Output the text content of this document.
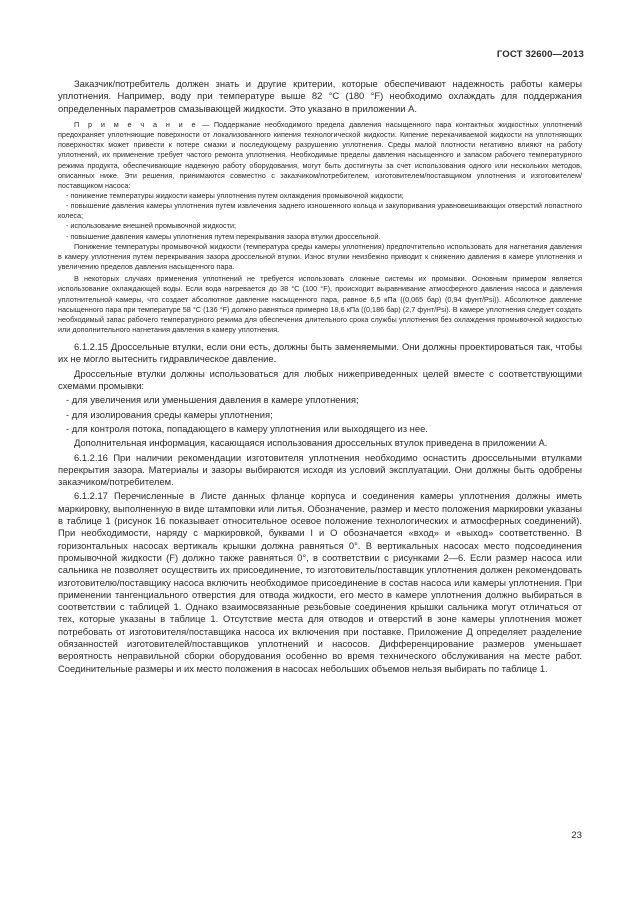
ГОСТ 32600—2013

Заказчик/потребитель должен знать и другие критерии, которые обеспечивают надежность работы камеры уплотнения. Например, воду при температуре выше 82 °С (180 °F) необходимо охлаждать для поддержания определенных параметров смазывающей жидкости. Это указано в приложении А.

П р и м е ч а н и е — Поддержание необходимого предела давления насыщенного пара контактных жидкостных уплотнений предохраняет уплотняющие поверхности от локализованного кипения технологической жидкости. Кипение перекачиваемой жидкости на уплотняющих поверхностях может привести к потере смазки и последующему разрушению уплотнения. Среды малой плотности негативно влияют на работу уплотнений, их применение требует частого ремонта уплотнения. Необходимые пределы давления насыщенного и запасом рабочего температурного режима продукта, обеспечивающие надежную работу оборудования, могут быть достигнуты за счет использования одного или нескольких методов, описанных ниже. Эти решения, принимаются совместно с заказчиком/потребителем, изготовителем/поставщиком уплотнения и изготовителем/поставщиком насоса:

- понижение температуры жидкости камеры уплотнения путем охлаждения промывочной жидкости;

- повышение давления камеры уплотнения путем извлечения заднего изношенного кольца и закупоривания уравновешивающих отверстий лопастного колеса;

- использование внешней промывочной жидкости;

- повышение давления камеры уплотнения путем перекрывания зазора втулки дроссельной.

Понижение температуры промывочной жидкости (температура среды камеры уплотнения) предпочтительно использовать для нагнетания давления в камеру уплотнения путем перекрывания зазора дроссельной втулки. Износ втулки неизбежно приводит к снижению давления в камере уплотнения и увеличению пределов давления насыщенного пара.

В некоторых случаях применения уплотнений не требуется использовать сложные системы их промывки. Основным примером является использование охлаждающей воды. Если вода нагревается до 38 °С (100 °F), происходит выравнивание атмосферного давления насоса и давления уплотнительной камеры, что создает абсолютное давление насыщенного пара, равное 6,5 кПа ((0,065 бар) (0,94 фунт/Psi)). Абсолютное давление насыщенного пара при температуре 58 °С (136 °F) должно равняться примерно 18,6 кПа ((0,186 бар) (2,7 фунт/Psi). В камере уплотнения следует создать необходимый запас рабочего температурного режима для обеспечения длительного срока службы уплотнения без охлаждения промывочной жидкостью или дополнительного нагнетания давления в камеру уплотнения.

6.1.2.15 Дроссельные втулки, если они есть, должны быть заменяемыми. Они должны проектироваться так, чтобы их не могло вытеснить гидравлическое давление.

Дроссельные втулки должны использоваться для любых нижеприведенных целей вместе с соответствующими схемами промывки:

- для увеличения или уменьшения давления в камере уплотнения;

- для изолирования среды камеры уплотнения;

- для контроля потока, попадающего в камеру уплотнения или выходящего из нее.

Дополнительная информация, касающаяся использования дроссельных втулок приведена в приложении А.

6.1.2.16 При наличии рекомендации изготовителя уплотнения необходимо оснастить дроссельными втулками перекрытия зазора. Материалы и зазоры выбираются исходя из условий эксплуатации. Они должны быть одобрены заказчиком/потребителем.

6.1.2.17 Перечисленные в Листе данных фланце корпуса и соединения камеры уплотнения должны иметь маркировку, выполненную в виде штамповки или литья. Обозначение, размер и место положения маркировки указаны в таблице 1 (рисунок 16 показывает относительное осевое положение технологических и атмосферных соединений). При необходимости, наряду с маркировкой, буквами I и O обозначается «вход» и «выход» соответственно. В горизонтальных насосах вертикаль крышки должна равняться 0°. В вертикальных насосах место подсоединения промывочной жидкости (F) должно также равняться 0°, в соответствии с рисунками 2—6. Если размер насоса или сальника не позволяет осуществить их присоединение, то изготовитель/поставщик уплотнения должен рекомендовать изготовителю/поставщику насоса включить необходимое присоединение в состав насоса или камеры уплотнения. При применении тангенциального отверстия для отвода жидкости, его место в камере уплотнения должно выбираться в соответствии с таблицей 1. Однако взаимосвязанные резьбовые соединения крышки сальника могут отличаться от тех, которые указаны в таблице 1. Отсутствие места для отводов и отверстий в зоне камеры уплотнения может потребовать от изготовителя/поставщика насоса их включения при поставке. Приложение Д определяет разделение обязанностей изготовителей/поставщиков уплотнений и насосов. Дифференцирование размеров уменьшает вероятность неправильной сборки оборудования особенно во время технического обслуживания на месте работ. Соединительные размеры и их место положения в насосах небольших объемов нельзя выбирать по таблице 1.

23
